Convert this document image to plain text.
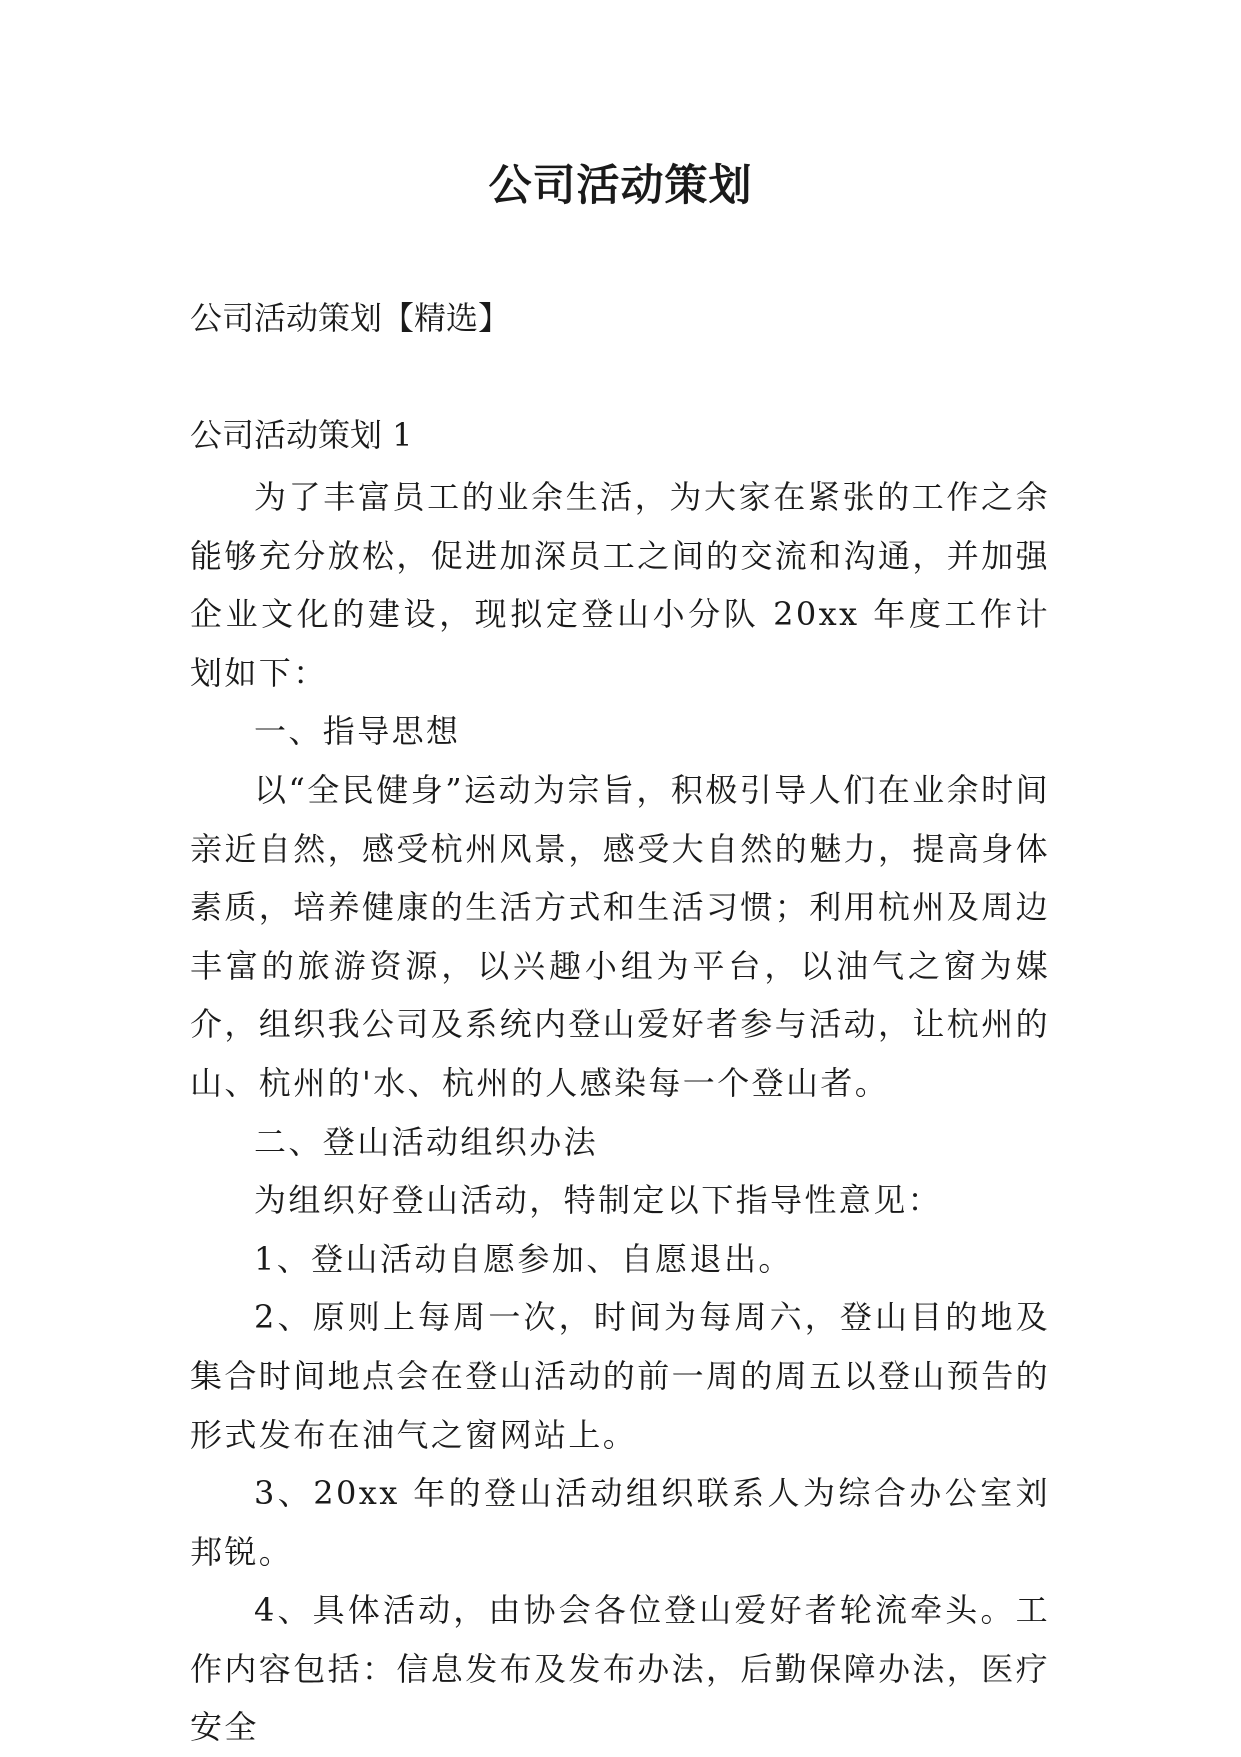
公司活动策划

公司活动策划【精选】

公司活动策划 1

为了丰富员工的业余生活，为大家在紧张的工作之余能够充分放松，促进加深员工之间的交流和沟通，并加强企业文化的建设，现拟定登山小分队 20xx 年度工作计划如下：

一、指导思想

以“全民健身”运动为宗旨，积极引导人们在业余时间亲近自然，感受杭州风景，感受大自然的魅力，提高身体素质，培养健康的生活方式和生活习惯；利用杭州及周边丰富的旅游资源，以兴趣小组为平台，以油气之窗为媒介，组织我公司及系统内登山爱好者参与活动，让杭州的山、杭州的'水、杭州的人感染每一个登山者。

二、登山活动组织办法

为组织好登山活动，特制定以下指导性意见：

1、登山活动自愿参加、自愿退出。

2、原则上每周一次，时间为每周六，登山目的地及集合时间地点会在登山活动的前一周的周五以登山预告的形式发布在油气之窗网站上。

3、20xx 年的登山活动组织联系人为综合办公室刘邦锐。

4、具体活动，由协会各位登山爱好者轮流牵头。工作内容包括：信息发布及发布办法，后勤保障办法，医疗安全
